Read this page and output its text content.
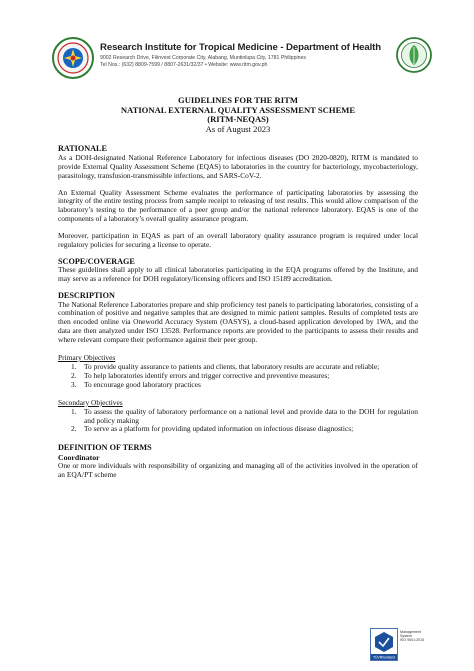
Research Institute for Tropical Medicine - Department of Health
9002 Research Drive, Filinvest Corporate City, Alabang, Muntinlupa City, 1781 Philippines
Tel Nos.: (632) 8809-7599 / 8807-2631/32/37 • Website: www.ritm.gov.ph
GUIDELINES FOR THE RITM
NATIONAL EXTERNAL QUALITY ASSESSMENT SCHEME
(RITM-NEQAS)
As of August 2023
RATIONALE

As a DOH-designated National Reference Laboratory for infectious diseases (DO 2020-0820), RITM is mandated to provide External Quality Assessment Scheme (EQAS) to laboratories in the country for bacteriology, mycobacteriology, parasitology, transfusion-transmissible infections, and SARS-CoV-2.

An External Quality Assessment Scheme evaluates the performance of participating laboratories by assessing the integrity of the entire testing process from sample receipt to releasing of test results. This would allow comparison of the laboratory’s testing to the performance of a peer group and/or the national reference laboratory. EQAS is one of the components of a laboratory’s overall quality assurance program.

Moreover, participation in EQAS as part of an overall laboratory quality assurance program is required under local regulatory policies for securing a license to operate.

SCOPE/COVERAGE

These guidelines shall apply to all clinical laboratories participating in the EQA programs offered by the Institute, and may serve as a reference for DOH regulatory/licensing officers and ISO 15189 accreditation.

DESCRIPTION

The National Reference Laboratories prepare and ship proficiency test panels to participating laboratories, consisting of a combination of positive and negative samples that are designed to mimic patient samples. Results of completed tests are then encoded online via Oneworld Accuracy System (OASYS), a cloud-based application developed by 1WA, and the data are then analyzed under ISO 13528. Performance reports are provided to the participants to assess their results and where relevant compare their performance against their peer group.

Primary Objectives
1.	To provide quality assurance to patients and clients, that laboratory results are accurate and reliable;
2.	To help laboratories identify errors and trigger corrective and preventive measures;
3.	To encourage good laboratory practices
Secondary Objectives
1.	To assess the quality of laboratory performance on a national level and provide data to the DOH for regulation and policy making
2.	To serve as a platform for providing updated information on infectious disease diagnostics;
DEFINITION OF TERMS
Coordinator

One or more individuals with responsibility of organizing and managing all of the activities involved in the operation of an EQA/PT scheme

TÜVRheinland
Management
System
ISO 9001:2015
